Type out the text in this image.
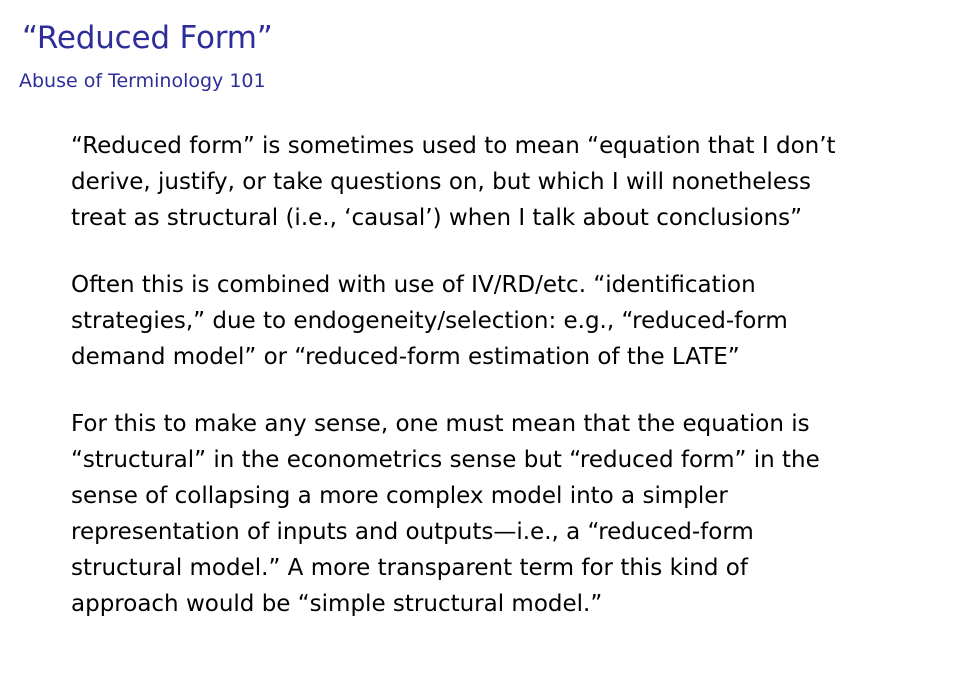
“Reduced Form”
Abuse of Terminology 101

“Reduced form” is sometimes used to mean “equation that I don’t
derive, justify, or take questions on, but which I will nonetheless
treat as structural (i.e., ‘causal’) when I talk about conclusions”

Often this is combined with use of IV/RD/etc. “identification
strategies,” due to endogeneity/selection: e.g., “reduced-form
demand model” or “reduced-form estimation of the LATE”

For this to make any sense, one must mean that the equation is
“structural” in the econometrics sense but “reduced form” in the
sense of collapsing a more complex model into a simpler
representation of inputs and outputs—i.e., a “reduced-form
structural model.” A more transparent term for this kind of
approach would be “simple structural model.”
